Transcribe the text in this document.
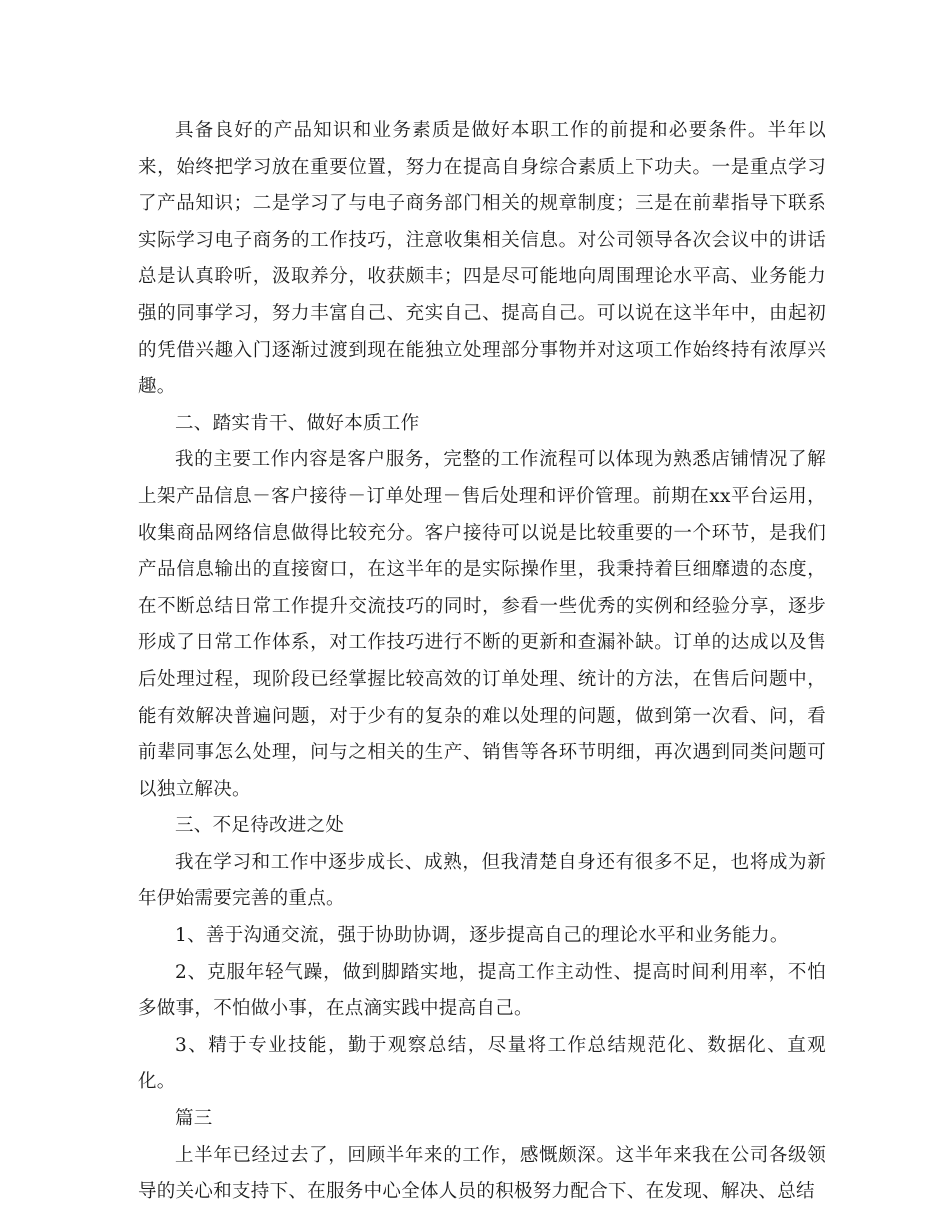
具备良好的产品知识和业务素质是做好本职工作的前提和必要条件。半年以来，始终把学习放在重要位置，努力在提高自身综合素质上下功夫。一是重点学习了产品知识；二是学习了与电子商务部门相关的规章制度；三是在前辈指导下联系实际学习电子商务的工作技巧，注意收集相关信息。对公司领导各次会议中的讲话总是认真聆听，汲取养分，收获颇丰；四是尽可能地向周围理论水平高、业务能力强的同事学习，努力丰富自己、充实自己、提高自己。可以说在这半年中，由起初的凭借兴趣入门逐渐过渡到现在能独立处理部分事物并对这项工作始终持有浓厚兴趣。

二、踏实肯干、做好本质工作

我的主要工作内容是客户服务，完整的工作流程可以体现为熟悉店铺情况了解上架产品信息－客户接待－订单处理－售后处理和评价管理。前期在xx平台运用，收集商品网络信息做得比较充分。客户接待可以说是比较重要的一个环节，是我们产品信息输出的直接窗口，在这半年的是实际操作里，我秉持着巨细靡遗的态度，在不断总结日常工作提升交流技巧的同时，参看一些优秀的实例和经验分享，逐步形成了日常工作体系，对工作技巧进行不断的更新和查漏补缺。订单的达成以及售后处理过程，现阶段已经掌握比较高效的订单处理、统计的方法，在售后问题中，能有效解决普遍问题，对于少有的复杂的难以处理的问题，做到第一次看、问，看前辈同事怎么处理，问与之相关的生产、销售等各环节明细，再次遇到同类问题可以独立解决。

三、不足待改进之处

我在学习和工作中逐步成长、成熟，但我清楚自身还有很多不足，也将成为新年伊始需要完善的重点。

1、善于沟通交流，强于协助协调，逐步提高自己的理论水平和业务能力。

2、克服年轻气躁，做到脚踏实地，提高工作主动性、提高时间利用率，不怕多做事，不怕做小事，在点滴实践中提高自己。

3、精于专业技能，勤于观察总结，尽量将工作总结规范化、数据化、直观化。

篇三

上半年已经过去了，回顾半年来的工作，感慨颇深。这半年来我在公司各级领导的关心和支持下、在服务中心全体人员的积极努力配合下、在发现、解决、总结
